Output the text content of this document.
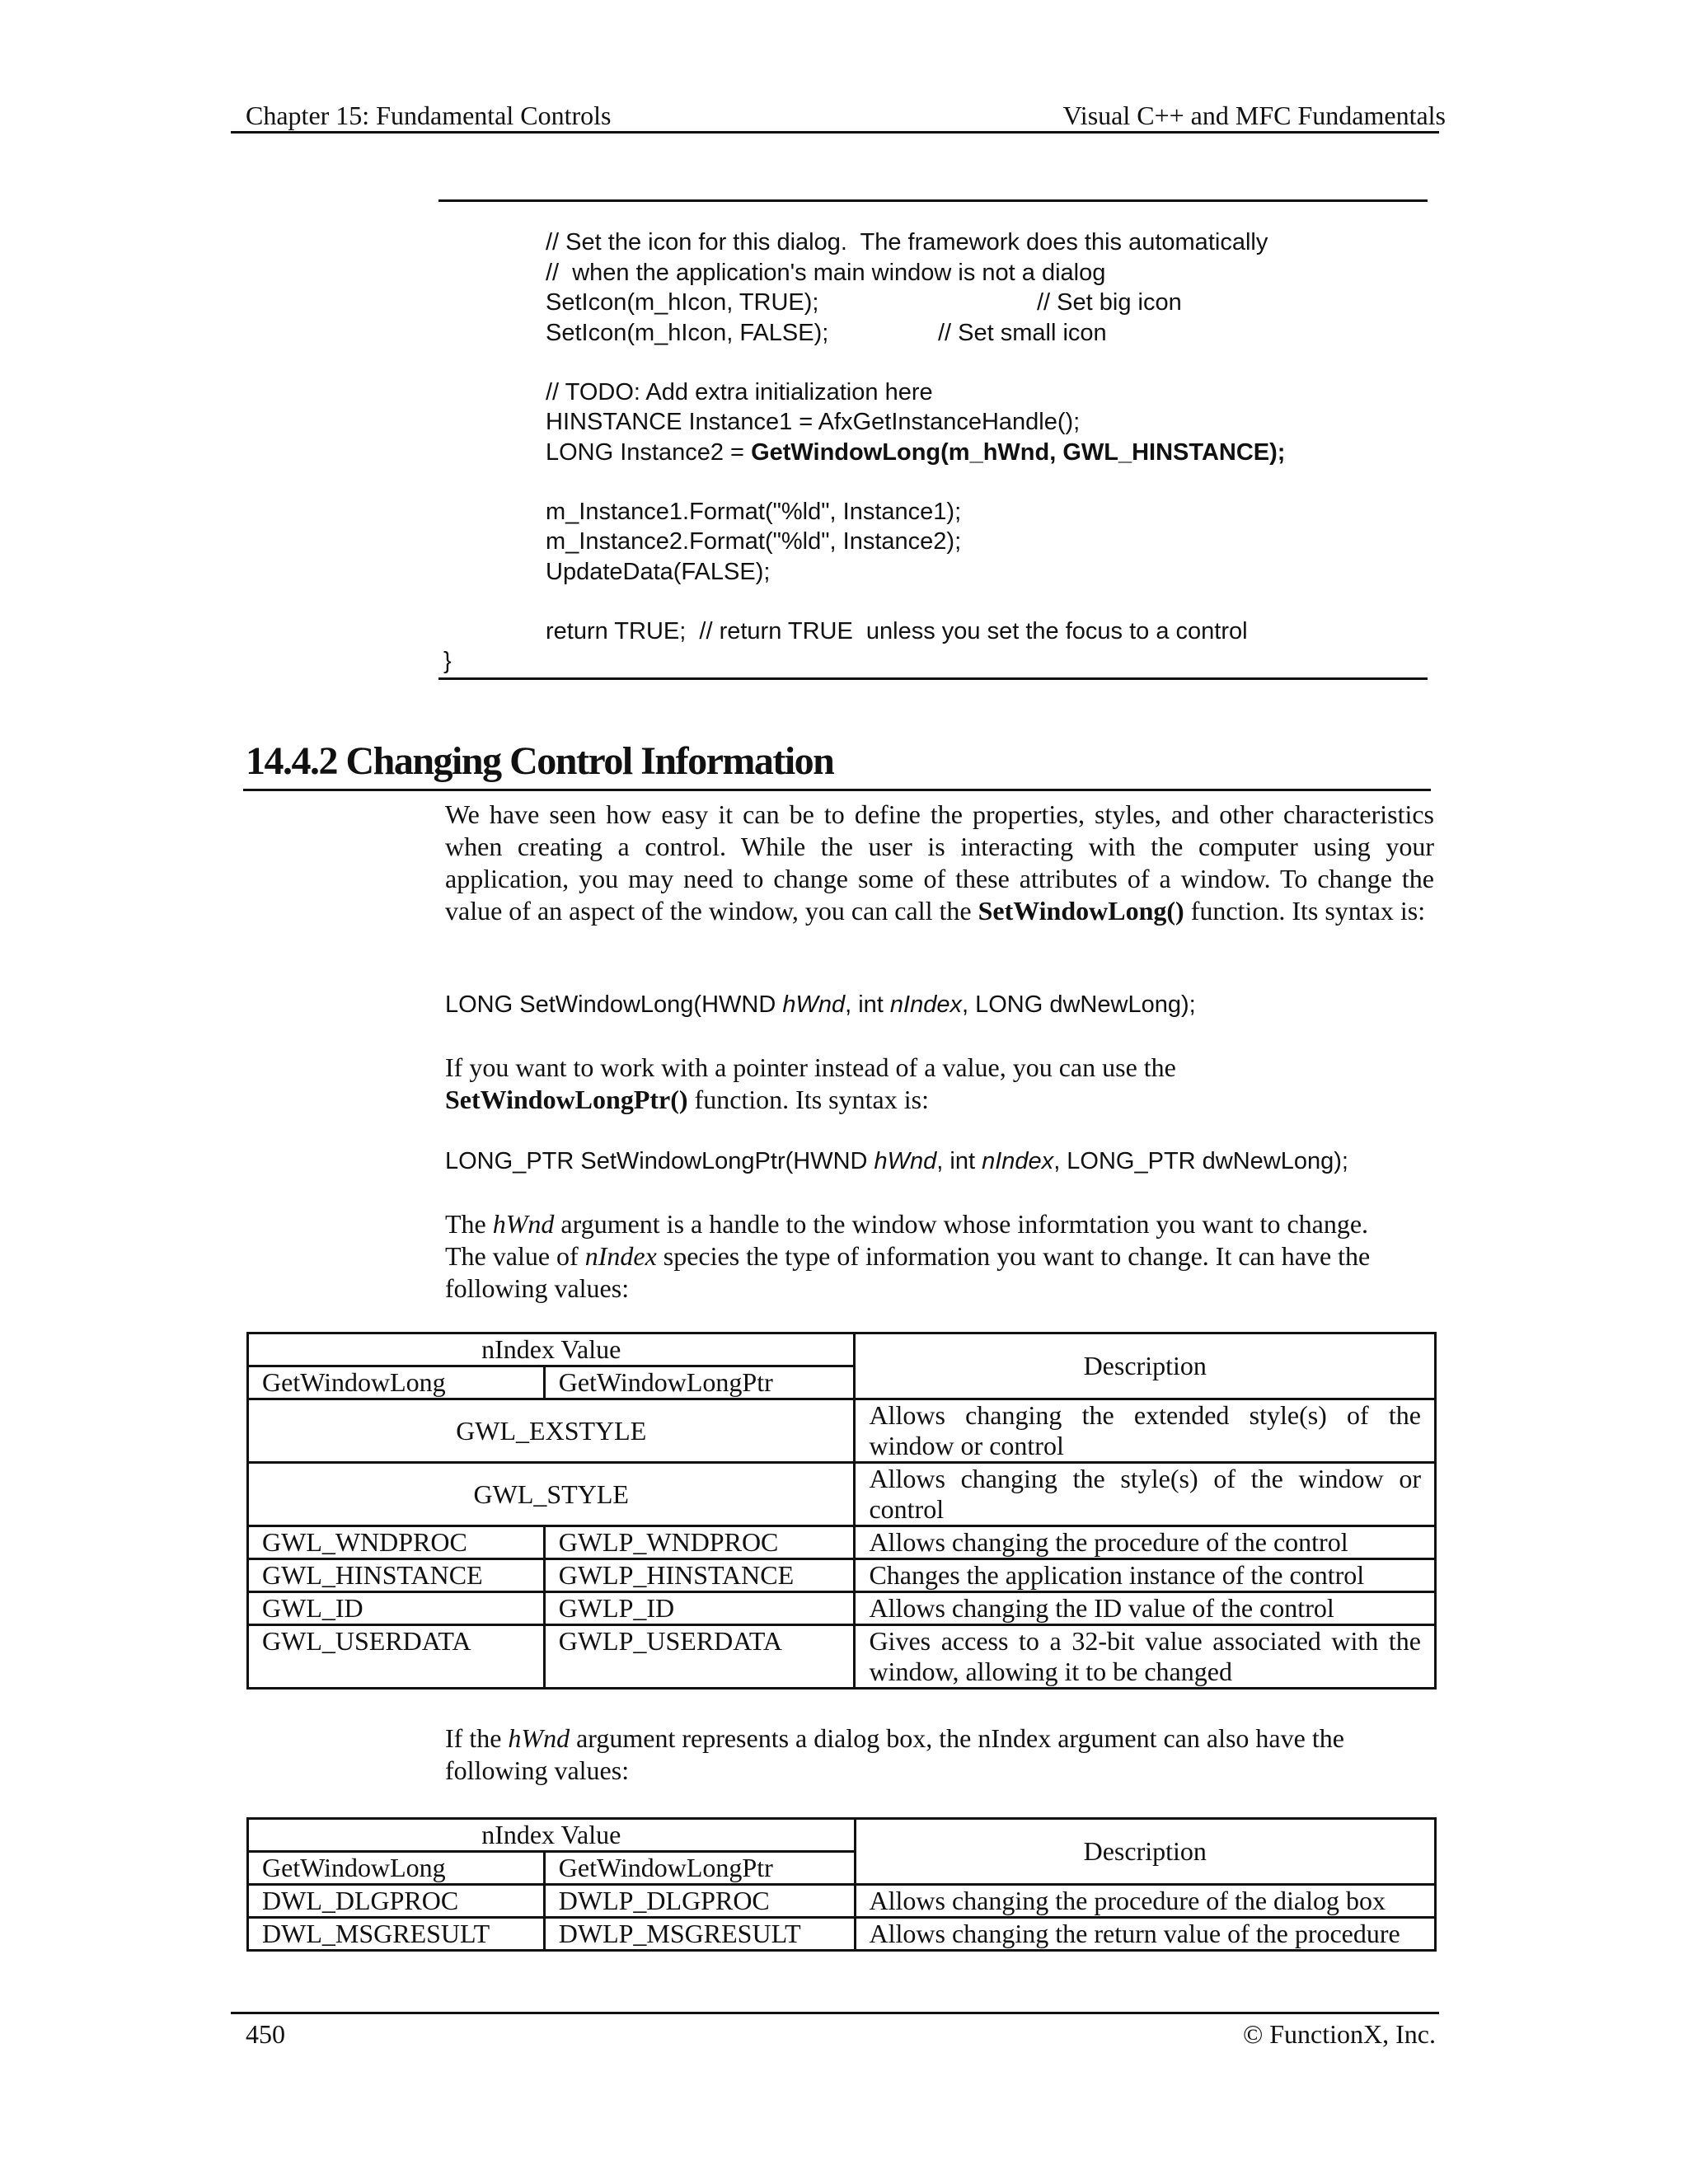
Chapter 15: Fundamental Controls	Visual C++ and MFC Fundamentals
// Set the icon for this dialog.  The framework does this automatically
//  when the application's main window is not a dialog
SetIcon(m_hIcon, TRUE);	// Set big icon
SetIcon(m_hIcon, FALSE);	// Set small icon
// TODO: Add extra initialization here
HINSTANCE Instance1 = AfxGetInstanceHandle();
LONG Instance2 = GetWindowLong(m_hWnd, GWL_HINSTANCE);
m_Instance1.Format("%ld", Instance1);
m_Instance2.Format("%ld", Instance2);
UpdateData(FALSE);
return TRUE;  // return TRUE  unless you set the focus to a control
}
14.4.2 Changing Control Information
We have seen how easy it can be to define the properties, styles, and other characteristics when creating a control. While the user is interacting with the computer using your application, you may need to change some of these attributes of a window. To change the value of an aspect of the window, you can call the SetWindowLong() function. Its syntax is:
LONG SetWindowLong(HWND hWnd, int nIndex, LONG dwNewLong);
If you want to work with a pointer instead of a value, you can use the
SetWindowLongPtr() function. Its syntax is:
LONG_PTR SetWindowLongPtr(HWND hWnd, int nIndex, LONG_PTR dwNewLong);
The hWnd argument is a handle to the window whose informtation you want to change.
The value of nIndex species the type of information you want to change. It can have the
following values:
nIndex Value		Description
GetWindowLong	GetWindowLongPtr	
GWL_EXSTYLE		Allows changing the extended style(s) of the window or control
GWL_STYLE		Allows changing the style(s) of the window or control
GWL_WNDPROC	GWLP_WNDPROC	Allows changing the procedure of the control
GWL_HINSTANCE	GWLP_HINSTANCE	Changes the application instance of the control
GWL_ID	GWLP_ID	Allows changing the ID value of the control
GWL_USERDATA	GWLP_USERDATA	Gives access to a 32-bit value associated with the window, allowing it to be changed
If the hWnd argument represents a dialog box, the nIndex argument can also have the
following values:
nIndex Value		Description
GetWindowLong	GetWindowLongPtr	
DWL_DLGPROC	DWLP_DLGPROC	Allows changing the procedure of the dialog box
DWL_MSGRESULT	DWLP_MSGRESULT	Allows changing the return value of the procedure
450	© FunctionX, Inc.
